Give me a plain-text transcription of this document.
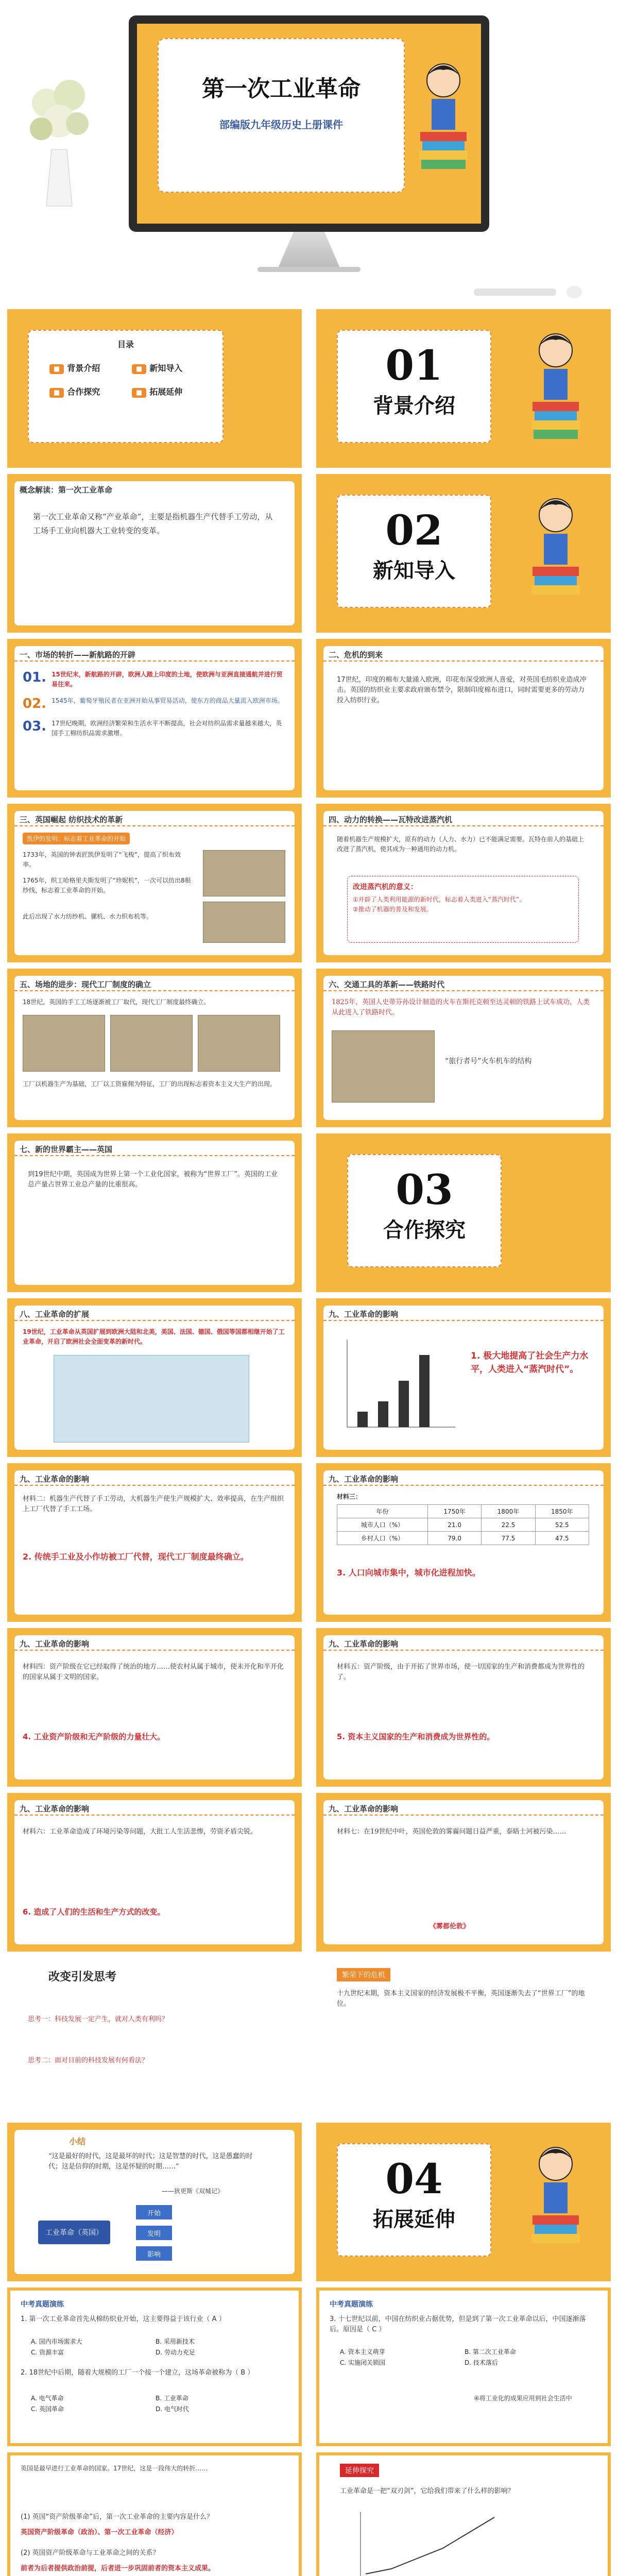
第一次工业革命
部编版九年级历史上册课件
目录
■ 背景介绍	■ 新知导入
■ 合作探究	■ 拓展延伸
01
背景介绍
概念解读：第一次工业革命
第一次工业革命又称“产业革命”，主要是指机器生产代替手工劳动，从工场手工业向机器大工业转变的变革。	02
新知导入
一、市场的转折——新航路的开辟
01. 15世纪末，新航路的开辟，欧洲人踏上印度的土地，使欧洲与亚洲直接通航并进行贸易往来。
02. 1545年，葡萄牙殖民者在亚洲开始从事贸易活动，使东方的商品大量流入欧洲市场。
03. 17世纪晚期，欧洲经济繁荣和生活水平不断提高，社会对纺织品需求量越来越大，英国手工棉纺织品需求激增。
二、危机的到来
17世纪，印度的棉布大量涌入欧洲，印花布深受欧洲人喜爱，对英国毛纺织业造成冲击。英国的纺织业主要求政府颁布禁令，限制印度棉布进口，同时需要更多的劳动力投入纺织行业。
三、英国崛起 纺织技术的革新
凯伊的发明：标志着工业革命的开始
1733年，英国的钟表匠凯伊发明了“飞梭”，提高了织布效率。
1765年，织工哈格里夫斯发明了“珍妮机”，一次可以纺出8根纱线，标志着工业革命的开始。
此后出现了水力纺纱机、骡机、水力织布机等。
四、动力的转换——瓦特改进蒸汽机
随着机器生产规模扩大，原有的动力（人力、水力）已不能满足需要。瓦特在前人的基础上改进了蒸汽机，使其成为一种通用的动力机。
改进蒸汽机的意义：
①开辟了人类利用能源的新时代，标志着人类进入“蒸汽时代”。
②推动了机器的普及和发展。
五、场地的进步：现代工厂制度的确立
18世纪，英国的手工工场逐渐被工厂取代，现代工厂制度最终确立。
工厂以机器生产为基础，工厂以工资雇佣为特征，工厂的出现标志着资本主义大生产的出现。
六、交通工具的革新——铁路时代
1825年，英国人史蒂芬孙设计制造的火车在斯托克顿至达灵顿的铁路上试车成功，人类从此进入了铁路时代。
“旅行者号”火车机车的结构
七、新的世界霸主——英国
到19世纪中期，英国成为世界上第一个工业化国家，被称为“世界工厂”。英国的工业总产量占世界工业总产量的比重很高。	03
合作探究
八、工业革命的扩展
19世纪，工业革命从英国扩展到欧洲大陆和北美，美国、法国、德国、俄国等国都相继开始了工业革命，开启了欧洲社会全面变革的新时代。
九、工业革命的影响
1. 极大地提高了社会生产力水平，人类进入“蒸汽时代”。
九、工业革命的影响
材料二：机器生产代替了手工劳动，大机器生产使生产规模扩大、效率提高，在生产组织上工厂代替了手工工场。
2. 传统手工业及小作坊被工厂代替，现代工厂制度最终确立。
九、工业革命的影响
材料三：
年份	1750年	1800年	1850年
城市人口（%）	21.0	22.5	52.5
乡村人口（%）	79.0	77.5	47.5
3. 人口向城市集中，城市化进程加快。
九、工业革命的影响
材料四：资产阶级在它已经取得了统治的地方……使农村从属于城市，使未开化和半开化的国家从属于文明的国家。
4. 工业资产阶级和无产阶级的力量壮大。
九、工业革命的影响
材料五：资产阶级，由于开拓了世界市场，使一切国家的生产和消费都成为世界性的了。
5. 资本主义国家的生产和消费成为世界性的。
九、工业革命的影响
材料六：工业革命造成了环境污染等问题，大批工人生活悲惨，劳资矛盾尖锐。
6. 造成了人们的生活和生产方式的改变。
九、工业革命的影响
材料七：在19世纪中叶，英国伦敦的雾霾问题日益严重，泰晤士河被污染……
《雾都伦敦》
改变引发思考
思考一：科技发展一定产生，就对人类有利吗？
思考二：面对目前的科技发展有何看法？
繁荣下的危机
十九世纪末期，资本主义国家的经济发展极不平衡，英国逐渐失去了“世界工厂”的地位。
小结
“这是最好的时代，这是最坏的时代；这是智慧的时代，这是愚蠢的时代；这是信仰的时期，这是怀疑的时期……”
——狄更斯《双城记》
工业革命（英国）
开始
发明
影响
04
拓展延伸
中考真题演练
1. 第一次工业革命首先从棉纺织业开始，这主要得益于该行业（ A ）
A. 国内市场需求大	B. 采用新技术
C. 资源丰富	D. 劳动力充足
2. 18世纪中后期，随着大规模的工厂一个接一个建立，这场革命被称为（ B ）
A. 电气革命	B. 工业革命
C. 英国革命	D. 电气时代
中考真题演练
3. 十七世纪以前，中国在纺织业占据优势，但是到了第一次工业革命以后，中国逐渐落后。原因是（ C ）
A. 资本主义萌芽	B. 第二次工业革命
C. 实施闭关锁国	D. 技术落后
④将工业化的成果应用到社会生活中
英国是最早进行工业革命的国家。17世纪，这是一段伟大的转折……
(1) 英国“资产阶级革命”后，第一次工业革命的主要内容是什么？
英国资产阶级革命（政治）、第一次工业革命（经济）
(2) 英国资产阶级革命与工业革命之间的关系？
前者为后者提供政治前提，后者进一步巩固前者的资本主义成果。
延伸探究
工业革命是一把“双刃剑”，它给我们带来了什么样的影响？
